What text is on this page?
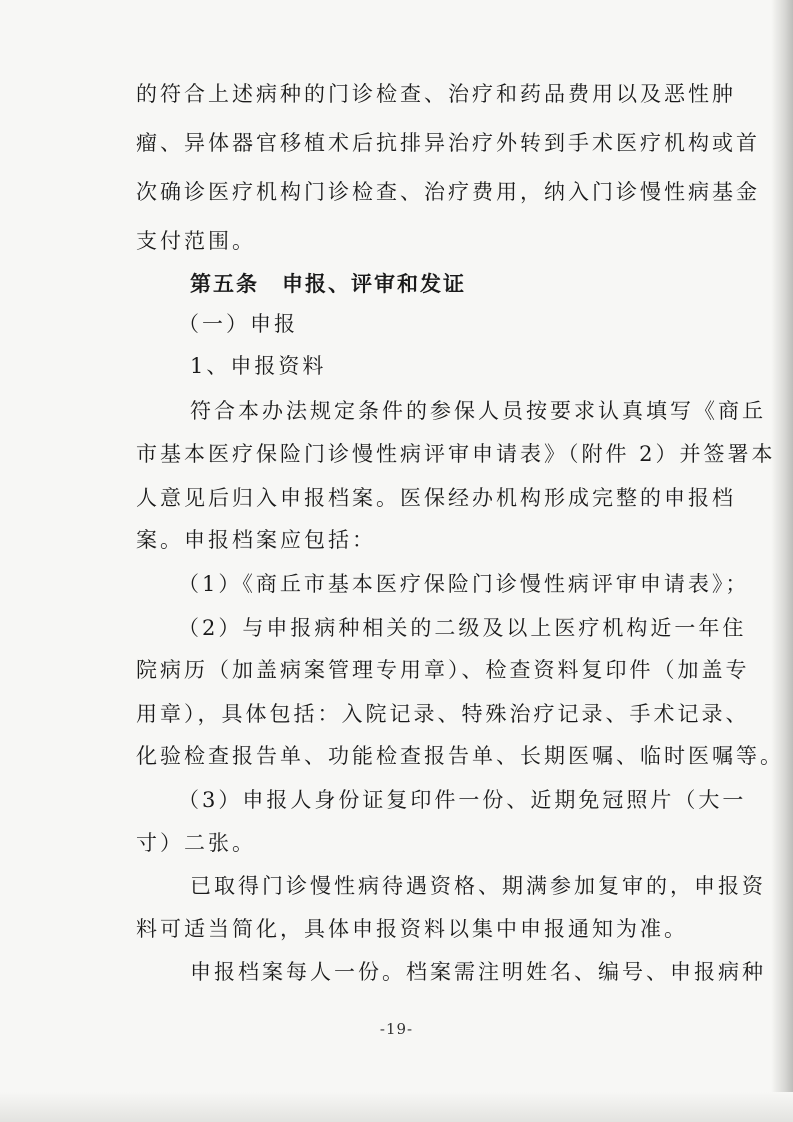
的符合上述病种的门诊检查、治疗和药品费用以及恶性肿
瘤、异体器官移植术后抗排异治疗外转到手术医疗机构或首
次确诊医疗机构门诊检查、治疗费用，纳入门诊慢性病基金
支付范围。
第五条　申报、评审和发证
（一）申报
1、申报资料
符合本办法规定条件的参保人员按要求认真填写《商丘
市基本医疗保险门诊慢性病评审申请表》（附件 2）并签署本
人意见后归入申报档案。医保经办机构形成完整的申报档
案。申报档案应包括：
（1）《商丘市基本医疗保险门诊慢性病评审申请表》；
（2）与申报病种相关的二级及以上医疗机构近一年住
院病历（加盖病案管理专用章）、检查资料复印件（加盖专
用章），具体包括：入院记录、特殊治疗记录、手术记录、
化验检查报告单、功能检查报告单、长期医嘱、临时医嘱等。
（3）申报人身份证复印件一份、近期免冠照片（大一
寸）二张。
已取得门诊慢性病待遇资格、期满参加复审的，申报资
料可适当简化，具体申报资料以集中申报通知为准。
申报档案每人一份。档案需注明姓名、编号、申报病种
-19-
